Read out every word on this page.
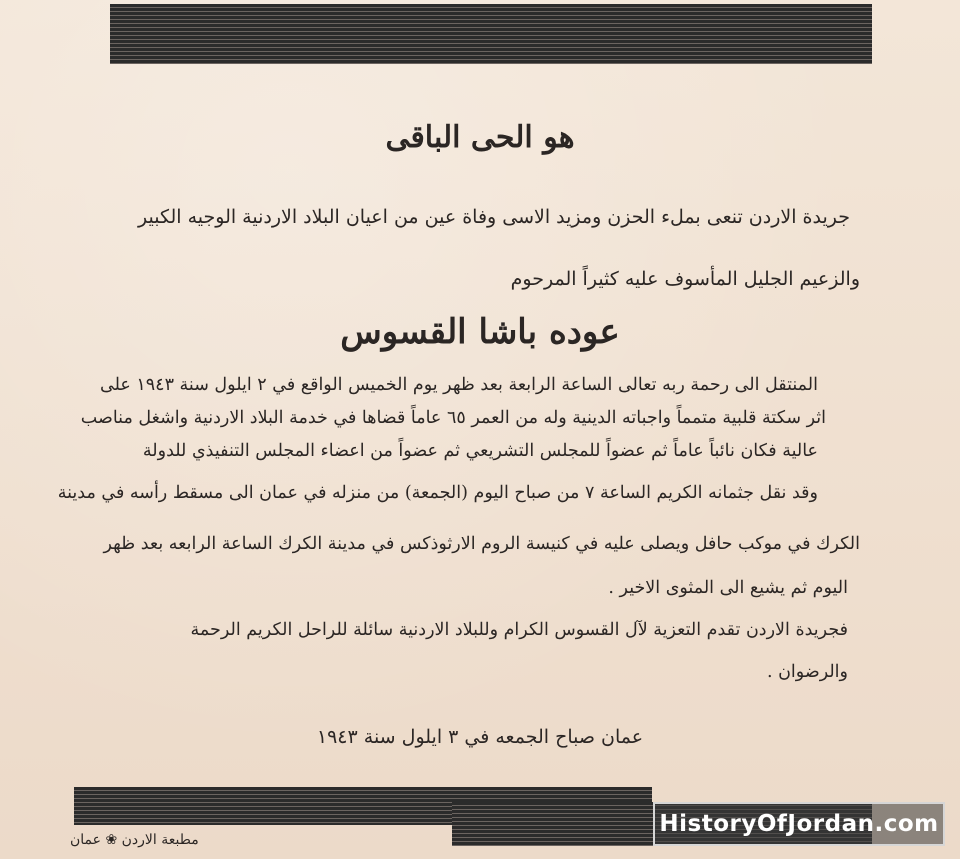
هو الحى الباقى
جريدة الاردن تنعى بملء الحزن ومزيد الاسى وفاة عين من اعيان البلاد الاردنية الوجيه الكبير
والزعيم الجليل المأسوف عليه كثيراً المرحوم
عوده باشا القسوس
المنتقل الى رحمة ربه تعالى الساعة الرابعة بعد ظهر يوم الخميس الواقع في ٢ ايلول سنة ١٩٤٣ على
اثر سكتة قلبية متمماً واجباته الدينية وله من العمر ٦٥ عاماً قضاها في خدمة البلاد الاردنية واشغل مناصب
عالية فكان نائباً عاماً ثم عضواً للمجلس التشريعي ثم عضواً من اعضاء المجلس التنفيذي للدولة
وقد نقل جثمانه الكريم الساعة ٧ من صباح اليوم (الجمعة) من منزله في عمان الى مسقط رأسه في مدينة
الكرك في موكب حافل ويصلى عليه في كنيسة الروم الارثوذكس في مدينة الكرك الساعة الرابعه بعد ظهر
اليوم ثم يشيع الى المثوى الاخير .
فجريدة الاردن تقدم التعزية لآل القسوس الكرام وللبلاد الاردنية سائلة للراحل الكريم الرحمة
والرضوان .
عمان صباح الجمعه في ٣ ايلول سنة ١٩٤٣
مطبعة الاردن ❀ عمان
HistoryOfJordan.com
